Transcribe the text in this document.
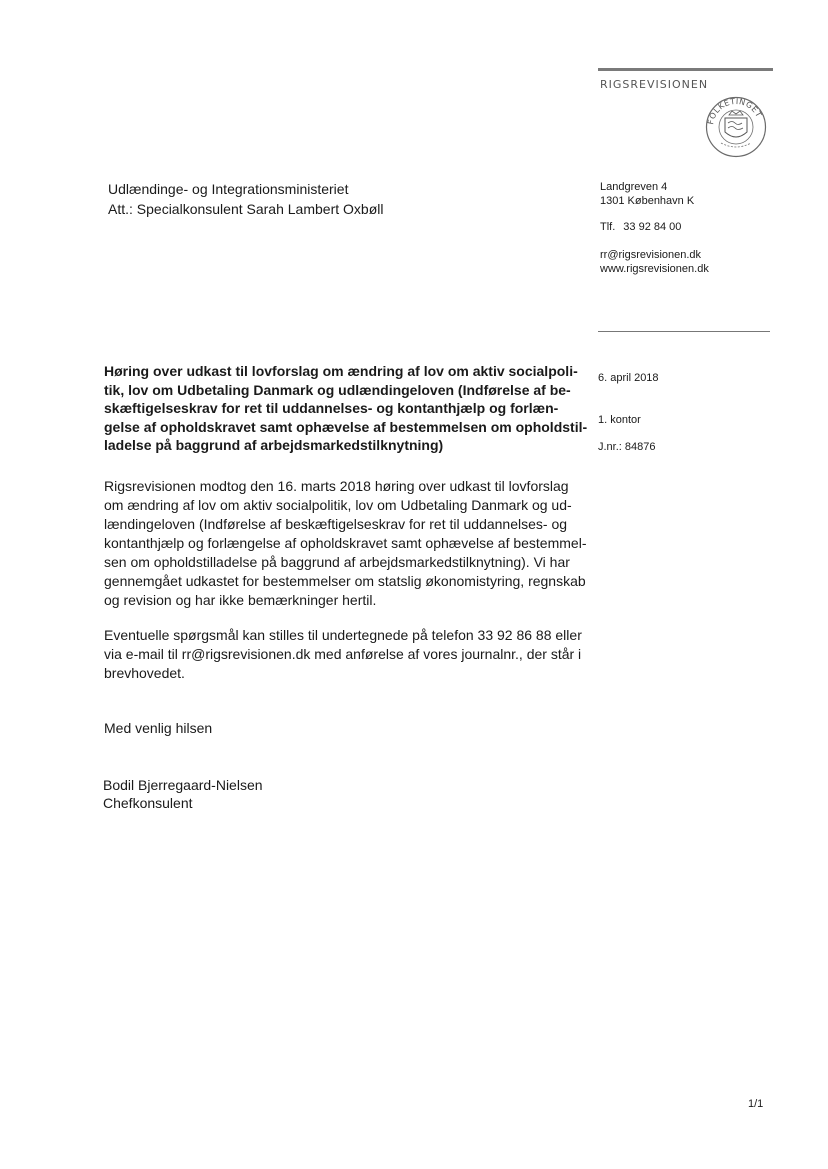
RIGSREVISIONEN
FOLKETINGET
Udlændinge- og Integrationsministeriet
Att.: Specialkonsulent Sarah Lambert Oxbøll
Landgreven 4
1301 København K
Tlf. 33 92 84 00
rr@rigsrevisionen.dk
www.rigsrevisionen.dk
Høring over udkast til lovforslag om ændring af lov om aktiv socialpoli-
tik, lov om Udbetaling Danmark og udlændingeloven (Indførelse af be-
skæftigelseskrav for ret til uddannelses- og kontanthjælp og forlæn-
gelse af opholdskravet samt ophævelse af bestemmelsen om opholdstil-
ladelse på baggrund af arbejdsmarkedstilknytning)
6. april 2018
1. kontor
J.nr.: 84876
Rigsrevisionen modtog den 16. marts 2018 høring over udkast til lovforslag
om ændring af lov om aktiv socialpolitik, lov om Udbetaling Danmark og ud-
lændingeloven (Indførelse af beskæftigelseskrav for ret til uddannelses- og
kontanthjælp og forlængelse af opholdskravet samt ophævelse af bestemmel-
sen om opholdstilladelse på baggrund af arbejdsmarkedstilknytning). Vi har
gennemgået udkastet for bestemmelser om statslig økonomistyring, regnskab
og revision og har ikke bemærkninger hertil.
Eventuelle spørgsmål kan stilles til undertegnede på telefon 33 92 86 88 eller
via e-mail til rr@rigsrevisionen.dk med anførelse af vores journalnr., der står i
brevhovedet.
Med venlig hilsen
Bodil Bjerregaard-Nielsen
Chefkonsulent
1/1
